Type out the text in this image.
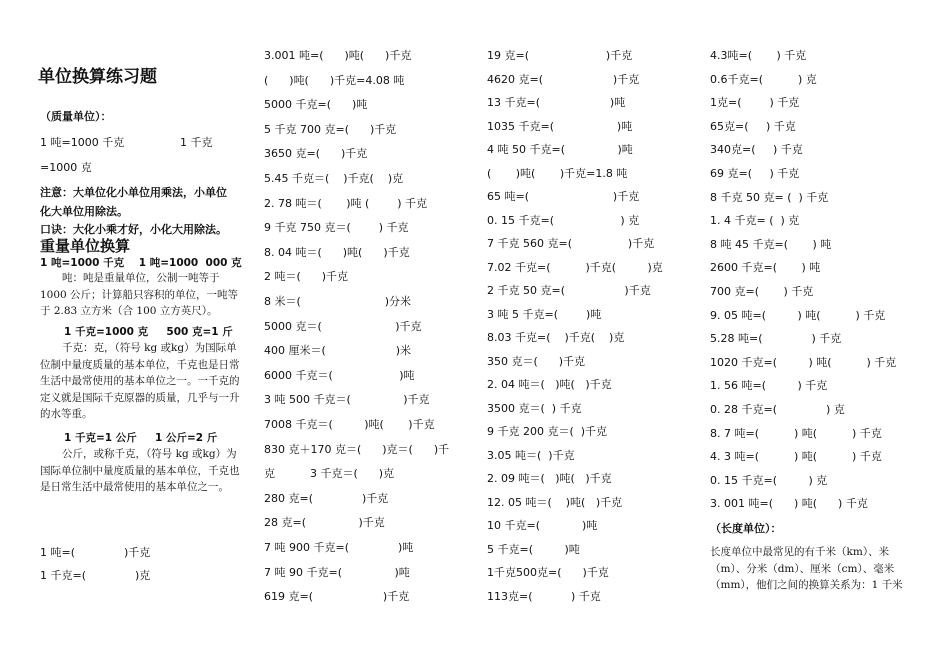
单位换算练习题
（质量单位）：
1 吨=1000 千克	1 千克
=1000 克
注意：大单位化小单位用乘法，小单位
化大单位用除法。
口诀：大化小乘才好，小化大用除法。
重量单位换算
1 吨=1000 千克    1 吨=1000  000 克
吨：吨是重量单位，公制一吨等于1000 公斤；计算船只容积的单位，一吨等于 2.83 立方米（合 100 立方英尺）。
1 千克=1000 克     500 克=1 斤
千克：克，（符号 kg 或kg）为国际单位制中量度质量的基本单位，千克也是日常生活中最常使用的基本单位之一。一千克的定义就是国际千克原器的质量，几乎与一升的水等重。
1 千克=1 公斤     1 公斤=2 斤
公斤，或称千克，（符号 kg 或kg）为国际单位制中量度质量的基本单位，千克也是日常生活中最常使用的基本单位之一。
1 吨=(              )千克
1 千克=(              )克
3.001 吨=(      )吨(      )千克
(      )吨(      )千克=4.08 吨
5000 千克=(      )吨
5 千克 700 克=(      )千克
3650 克=(      )千克
5.45 千克＝(    )千克(    )克
2. 78 吨＝(       )吨 (        ) 千克
9 千克 750 克＝(        ) 千克
8. 04 吨＝(      )吨(      )千克
2 吨＝(      )千克
8 米＝(                        )分米
5000 克＝(                     )千克
400 厘米＝(                    )米
6000 千克＝(                   )吨
3 吨 500 千克＝(               )千克
7008 千克＝(         )吨(       )千克
830 克＋170 克＝(      )克＝(      )千
克          3 千克＝(      )克
280 克=(              )千克
28 克=(               )千克
7 吨 900 千克=(              )吨
7 吨 90 千克=(               )吨
619 克=(                    )千克
19 克=(                      )千克
4620 克=(                    )千克
13 千克=(                    )吨
1035 千克=(                  )吨
4 吨 50 千克=(               )吨
(       )吨(       )千克=1.8 吨
65 吨=(                        )千克
0. 15 千克=(                   ) 克
7 千克 560 克=(                )千克
7.02 千克=(          )千克(         )克
2 千克 50 克=(                 )千克
3 吨 5 千克=(        )吨
8.03 千克=(    )千克(    )克
350 克＝(      )千克
2. 04 吨＝(   )吨(   )千克
3500 克＝(  ) 千克
9 千克 200 克＝(  )千克
3.05 吨＝(  )千克
2. 09 吨＝(   )吨(   )千克
12. 05 吨＝(    )吨(   )千克
10 千克=(            )吨
5 千克=(         )吨
1千克500克=(      )千克
113克=(           ) 千克
（长度单位）：
长度单位中最常见的有千米（km）、米（m）、分米（dm）、厘米（cm）、毫米（mm），他们之间的换算关系为：1 千米
4.3吨=(       ) 千克
0.6千克=(          ) 克
1克=(        ) 千克
65克=(     ) 千克
340克=(     ) 千克
69 克=(     ) 千克
8 千克 50 克= (  ) 千克
1. 4 千克= (  ) 克
8 吨 45 千克=(       ) 吨
2600 千克=(       ) 吨
700 克=(       ) 千克
9. 05 吨=(         ) 吨(          ) 千克
5.28 吨=(              ) 千克
1020 千克=(         ) 吨(          ) 千克
1. 56 吨=(         ) 千克
0. 28 千克=(              ) 克
8. 7 吨=(          ) 吨(          ) 千克
4. 3 吨=(          ) 吨(          ) 千克
0. 15 千克=(         ) 克
3. 001 吨=(      ) 吨(      ) 千克
